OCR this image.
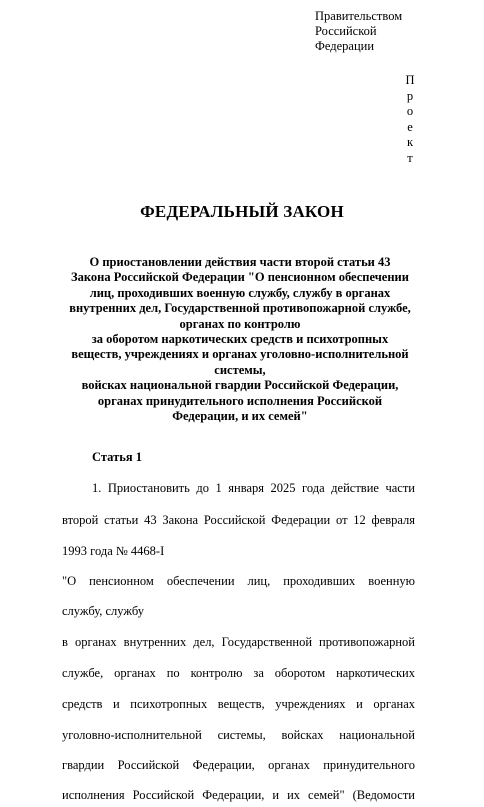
Правительством
Российской
Федерации
П
р
о
е
к
т
ФЕДЕРАЛЬНЫЙ ЗАКОН
О приостановлении действия части второй статьи 43
Закона Российской Федерации "О пенсионном обеспечении
лиц, проходивших военную службу, службу в органах
внутренних дел, Государственной противопожарной службе,
органах по контролю
за оборотом наркотических средств и психотропных
веществ, учреждениях и органах уголовно-исполнительной
системы,
войсках национальной гвардии Российской Федерации,
органах принудительного исполнения Российской
Федерации, и их семей"
Статья 1
1. Приостановить до 1 января 2025 года действие части
второй статьи 43 Закона Российской Федерации от 12 февраля
1993 года № 4468-I
"О пенсионном обеспечении лиц, проходивших военную
службу, службу
в органах внутренних дел, Государственной противопожарной
службе, органах по контролю за оборотом наркотических
средств и психотропных веществ, учреждениях и органах
уголовно-исполнительной системы, войсках национальной
гвардии Российской Федерации, органах принудительного
исполнения Российской Федерации, и их семей" (Ведомости
